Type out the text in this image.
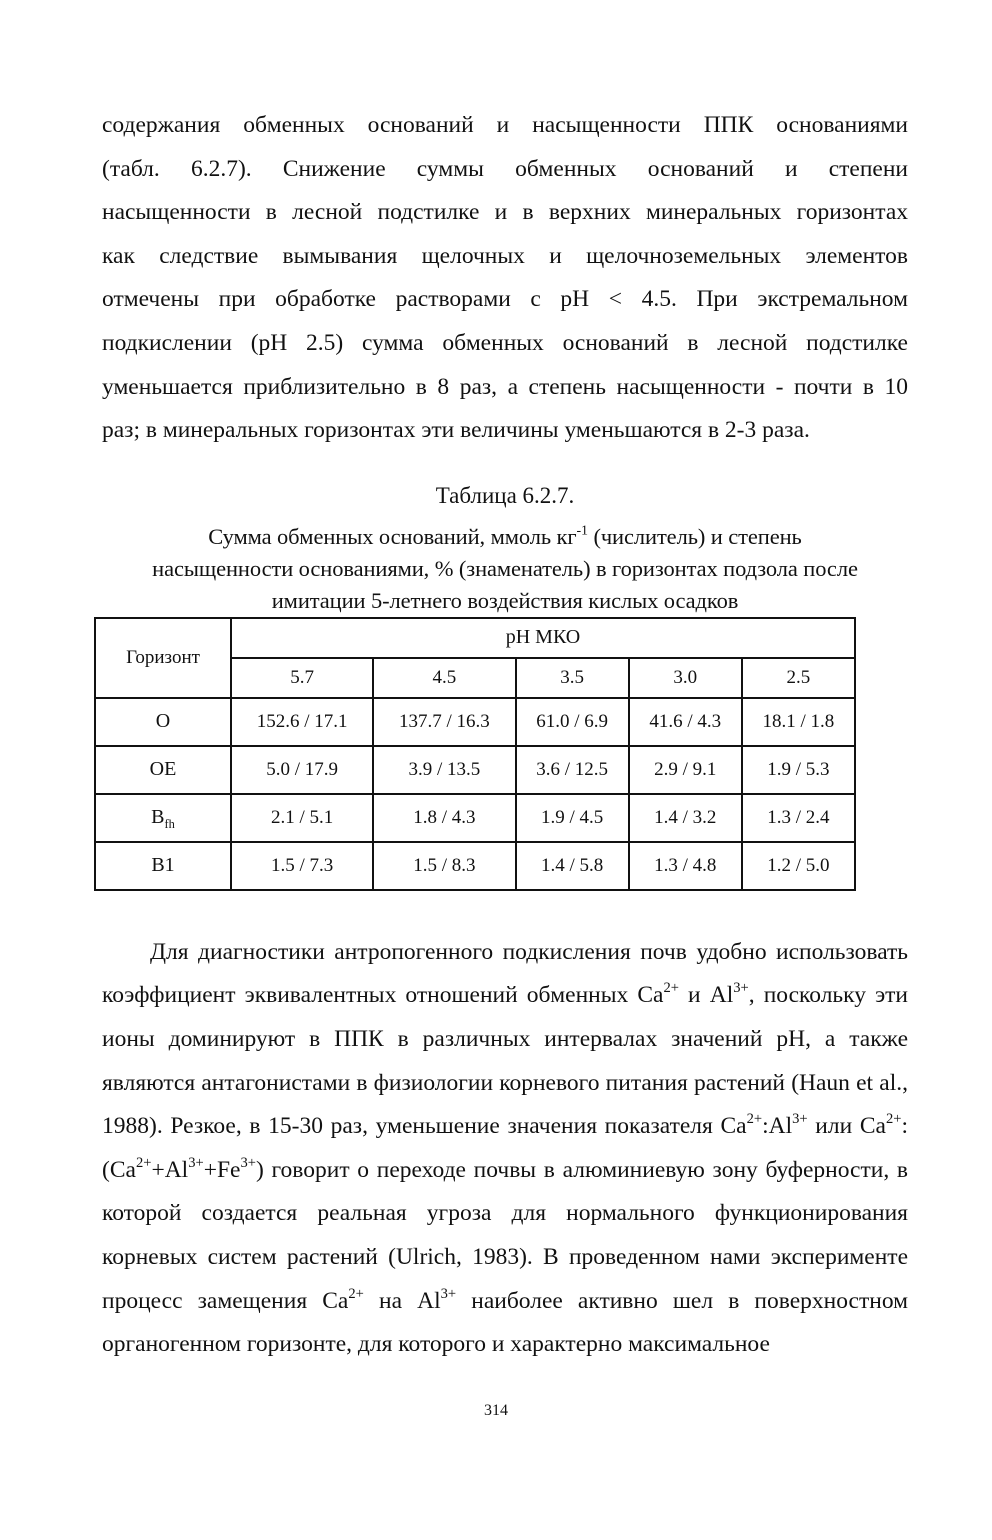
содержания обменных оснований и насыщенности ППК основаниями
(табл. 6.2.7). Снижение суммы обменных оснований и степени
насыщенности в лесной подстилке и в верхних минеральных горизонтах
как следствие вымывания щелочных и щелочноземельных элементов
отмечены при обработке растворами с pH < 4.5. При экстремальном
подкислении (pH 2.5) сумма обменных оснований в лесной подстилке
уменьшается приблизительно в 8 раз, а степень насыщенности - почти в 10
раз; в минеральных горизонтах эти величины уменьшаются в 2-3 раза.
Таблица 6.2.7.
Сумма обменных оснований, ммоль $кг^{-1}$ (числитель) и степень
насыщенности основаниями, % (знаменатель) в горизонтах подзола после
имитации 5-летнего воздействия кислых осадков
Горизонт	pH МКО				
	5.7	4.5	3.5	3.0	2.5
O	152.6 / 17.1	137.7 / 16.3	61.0 / 6.9	41.6 / 4.3	18.1 / 1.8
OE	5.0 / 17.9	3.9 / 13.5	3.6 / 12.5	2.9 / 9.1	1.9 / 5.3
$B_{fh}$	2.1 / 5.1	1.8 / 4.3	1.9 / 4.5	1.4 / 3.2	1.3 / 2.4
B1	1.5 / 7.3	1.5 / 8.3	1.4 / 5.8	1.3 / 4.8	1.2 / 5.0

Для диагностики антропогенного подкисления почв удобно использовать коэффициент эквивалентных отношений обменных $Ca^{2+}$ и $Al^{3+}$, поскольку эти ионы доминируют в ППК в различных интервалах значений pH, а также являются антагонистами в физиологии корневого питания растений (Haun et al., 1988). Резкое, в 15-30 раз, уменьшение значения показателя $Ca^{2+}:Al^{3+}$ или $Ca^{2+}:(Ca^{2+}+Al^{3+}+Fe^{3+})$ говорит о переходе почвы в алюминиевую зону буферности, в которой создается реальная угроза для нормального функционирования корневых систем растений (Ulrich, 1983). В проведенном нами эксперименте процесс замещения $Ca^{2+}$ на $Al^{3+}$ наиболее активно шел в поверхностном органогенном горизонте, для которого и характерно максимальное

314
